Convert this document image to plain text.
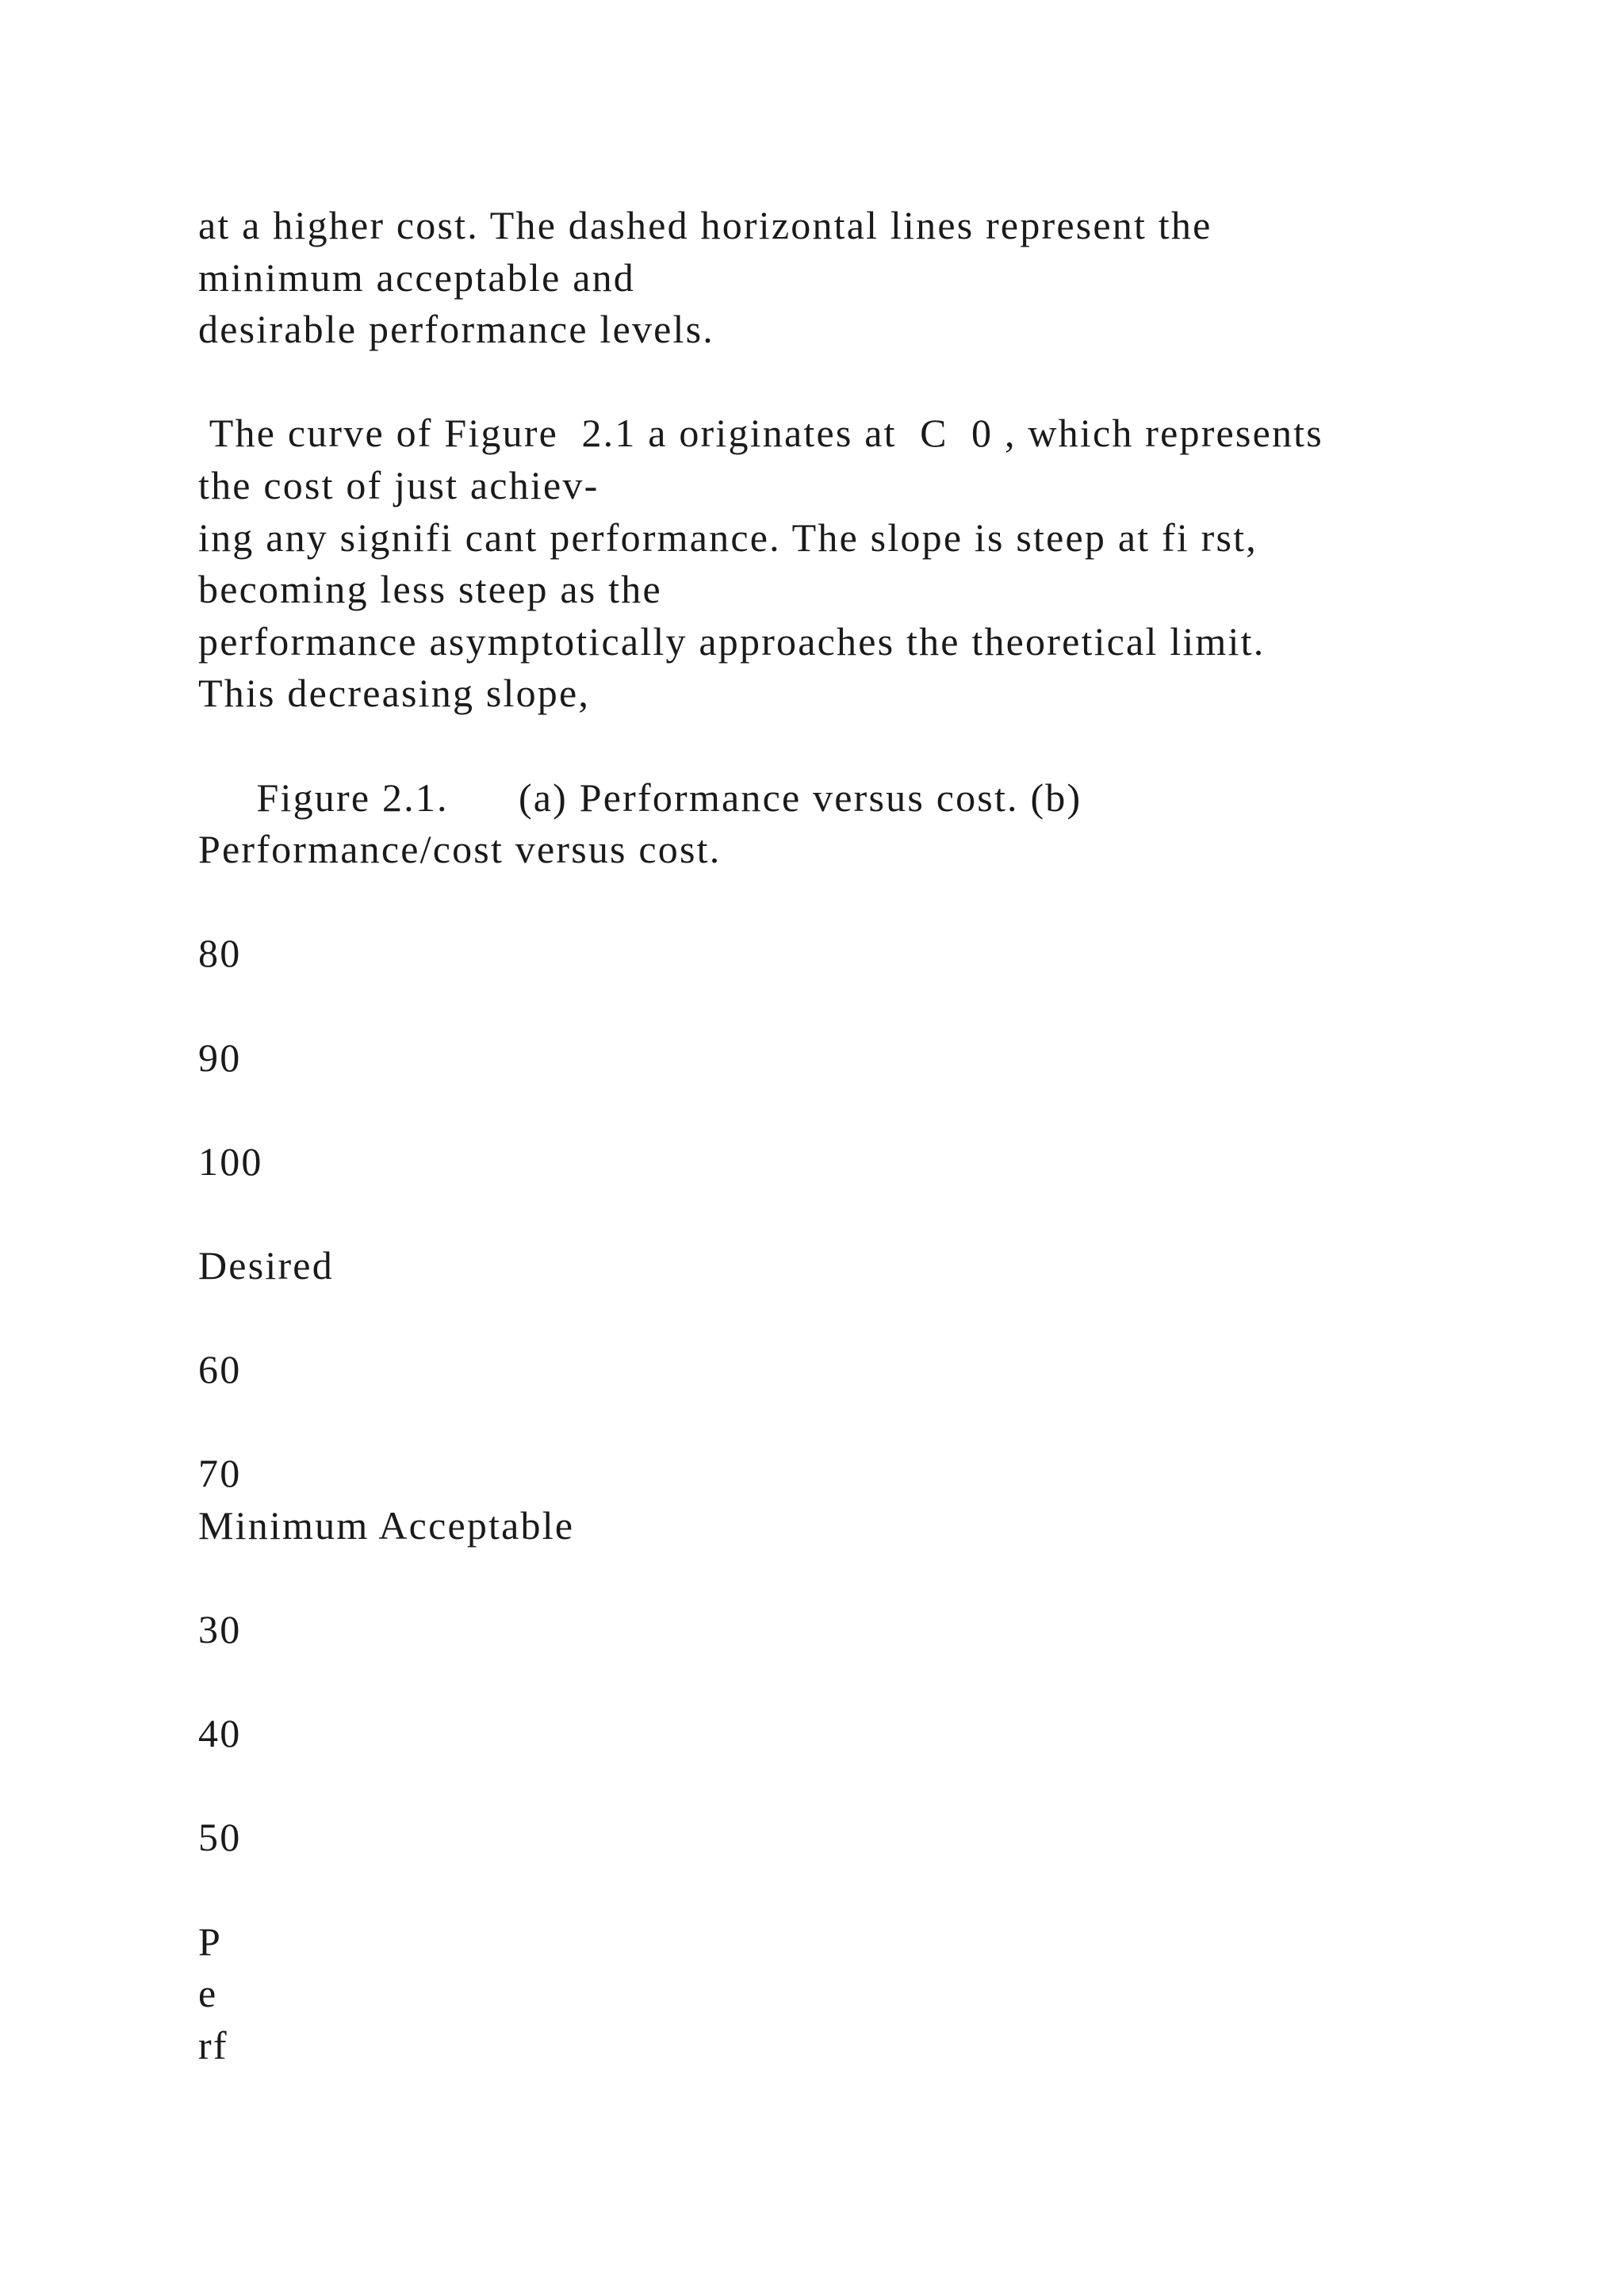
at a higher cost. The dashed horizontal lines represent the
minimum acceptable and
desirable performance levels.
The curve of Figure  2.1 a originates at  C  0 , which represents
the cost of just achiev-
ing any signifi cant performance. The slope is steep at fi rst,
becoming less steep as the
performance asymptotically approaches the theoretical limit.
This decreasing slope,
Figure 2.1.      (a) Performance versus cost. (b)
Performance/cost versus cost.
80
90
100
Desired
60
70
Minimum Acceptable
30
40
50
P
e
rf
